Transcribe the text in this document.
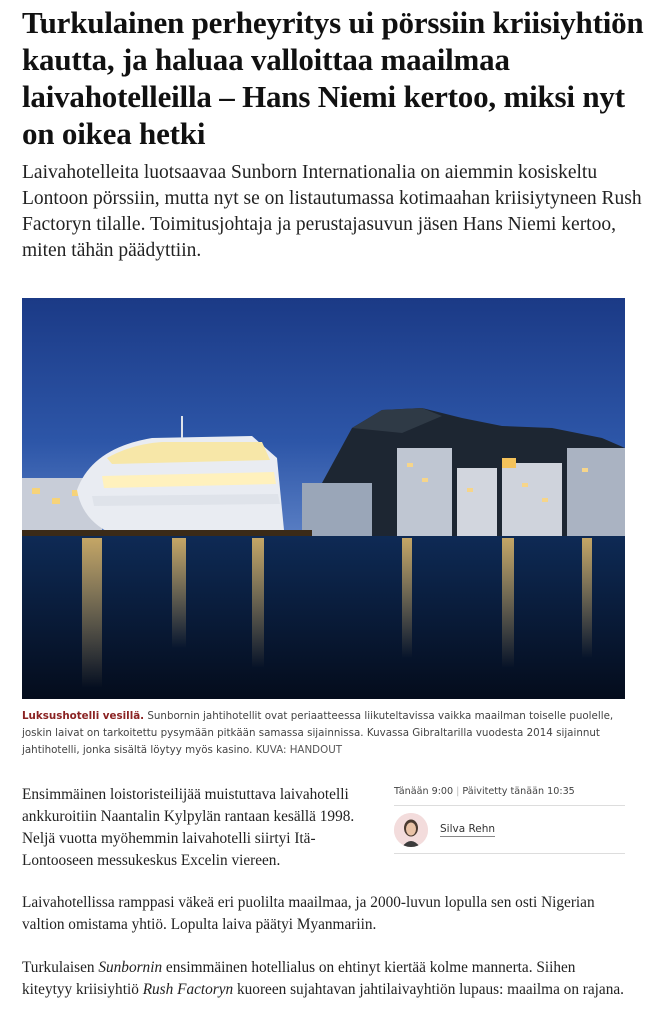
Turkulainen perheyritys ui pörssiin kriisiyhtiön kautta, ja haluaa valloittaa maailmaa laivahotelleilla – Hans Niemi kertoo, miksi nyt on oikea hetki

Laivahotelleita luotsaavaa Sunborn Internationalia on aiemmin kosiskeltu Lontoon pörssiin, mutta nyt se on listautumassa kotimaahan kriisiytyneen Rush Factoryn tilalle. Toimitusjohtaja ja perustajasuvun jäsen Hans Niemi kertoo, miten tähän päädyttiin.

Luksushotelli vesillä. Sunbornin jahtihotellit ovat periaatteessa liikuteltavissa vaikka maailman toiselle puolelle, joskin laivat on tarkoitettu pysymään pitkään samassa sijainnissa. Kuvassa Gibraltarilla vuodesta 2014 sijainnut jahtihotelli, jonka sisältä löytyy myös kasino. KUVA: HANDOUT

Ensimmäinen loistoristeilijää muistuttava laivahotelli ankkuroitiin Naantalin Kylpylän rantaan kesällä 1998. Neljä vuotta myöhemmin laivahotelli siirtyi Itä-Lontooseen messukeskus Excelin viereen.

Tänään 9:00 | Päivitetty tänään 10:35
Silva Rehn

Laivahotellissa ramppasi väkeä eri puolilta maailmaa, ja 2000-luvun lopulla sen osti Nigerian valtion omistama yhtiö. Lopulta laiva päätyi Myanmariin.

Turkulaisen Sunbornin ensimmäinen hotellialus on ehtinyt kiertää kolme mannerta. Siihen kiteytyy kriisiyhtiö Rush Factoryn kuoreen sujahtavan jahtilaivayhtiön lupaus: maailma on rajana.
